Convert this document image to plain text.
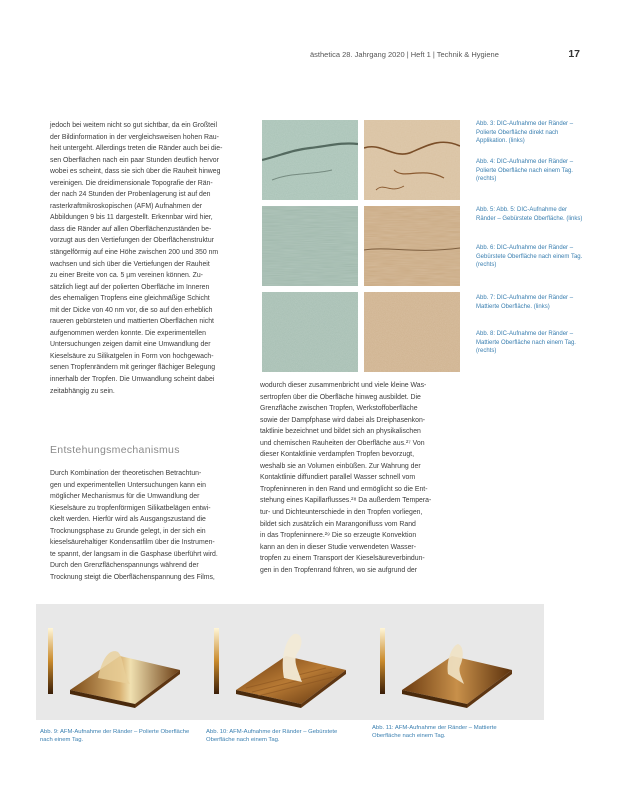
ästhetica 28. Jahrgang 2020 | Heft 1 | Technik & Hygiene	17

jedoch bei weitem nicht so gut sichtbar, da ein Großteil

der Bildinformation in der vergleichsweisen hohen Rau-

heit untergeht. Allerdings treten die Ränder auch bei die-

sen Oberflächen nach ein paar Stunden deutlich hervor

wobei es scheint, dass sie sich über die Rauheit hinweg

vereinigen. Die dreidimensionale Topografie der Rän-

der nach 24 Stunden der Probenlagerung ist auf den

rasterkraftmikroskopischen (AFM) Aufnahmen der

Abbildungen 9 bis 11 dargestellt. Erkennbar wird hier,

dass die Ränder auf allen Oberflächenzuständen be-

vorzugt aus den Vertiefungen der Oberflächenstruktur

stängelförmig auf eine Höhe zwischen 200 und 350 nm

wachsen und sich über die Vertiefungen der Rauheit

zu einer Breite von ca. 5 µm vereinen können. Zu-

sätzlich liegt auf der polierten Oberfläche im Inneren

des ehemaligen Tropfens eine gleichmäßige Schicht

mit der Dicke von 40 nm vor, die so auf den erheblich

raueren gebürsteten und mattierten Oberflächen nicht

aufgenommen werden konnte. Die experimentellen

Untersuchungen zeigen damit eine Umwandlung der

Kieselsäure zu Silikatgelen in Form von hochgewach-

senen Tropfenrändern mit geringer flächiger Belegung

innerhalb der Tropfen. Die Umwandlung scheint dabei

zeitabhängig zu sein.

Entstehungsmechanismus

Durch Kombination der theoretischen Betrachtun-

gen und experimentellen Untersuchungen kann ein

möglicher Mechanismus für die Umwandlung der

Kieselsäure zu tropfenförmigen Silikatbelägen entwi-

ckelt werden. Hierfür wird als Ausgangszustand die

Trocknungsphase zu Grunde gelegt, in der sich ein

kieselsäurehaltiger Kondensatfilm über die Instrumen-

te spannt, der langsam in die Gasphase überführt wird.

Durch den Grenzflächenspannungs während der

Trocknung steigt die Oberflächenspannung des Films,

wodurch dieser zusammenbricht und viele kleine Was-

sertropfen über die Oberfläche hinweg ausbildet. Die

Grenzfläche zwischen Tropfen, Werkstoffoberfläche

sowie der Dampfphase wird dabei als Dreiphasenkon-

taktlinie bezeichnet und bildet sich an physikalischen

und chemischen Rauheiten der Oberfläche aus.²⁷ Von

dieser Kontaktlinie verdampfen Tropfen bevorzugt,

weshalb sie an Volumen einbüßen. Zur Wahrung der

Kontaktlinie diffundiert parallel Wasser schnell vom

Tropfeninneren in den Rand und ermöglicht so die Ent-

stehung eines Kapillarflusses.²⁸ Da außerdem Tempera-

tur- und Dichteunterschiede in den Tropfen vorliegen,

bildet sich zusätzlich ein Marangonifluss vom Rand

in das Tropfeninnere.²⁹ Die so erzeugte Konvektion

kann an den in dieser Studie verwendeten Wasser-

tropfen zu einem Transport der Kieselsäureverbindun-

gen in den Tropfenrand führen, wo sie aufgrund der

Abb. 3: DIC-Aufnahme der Ränder – Polierte Oberfläche direkt nach Applikation. (links)
Abb. 4: DIC-Aufnahme der Ränder – Polierte Oberfläche nach einem Tag. (rechts)
Abb. 5: Abb. 5: DIC-Aufnahme der Ränder – Gebürstete Oberfläche. (links)
Abb. 6: DIC-Aufnahme der Ränder – Gebürstete Oberfläche nach einem Tag. (rechts)
Abb. 7: DIC-Aufnahme der Ränder – Mattierte Oberfläche. (links)
Abb. 8: DIC-Aufnahme der Ränder – Mattierte Oberfläche nach einem Tag. (rechts)
Abb. 9: AFM-Aufnahme der Ränder – Polierte Oberfläche nach einem Tag.
Abb. 10: AFM-Aufnahme der Ränder – Gebürstete Oberfläche nach einem Tag.
Abb. 11: AFM-Aufnahme der Ränder – Mattierte Oberfläche nach einem Tag.
